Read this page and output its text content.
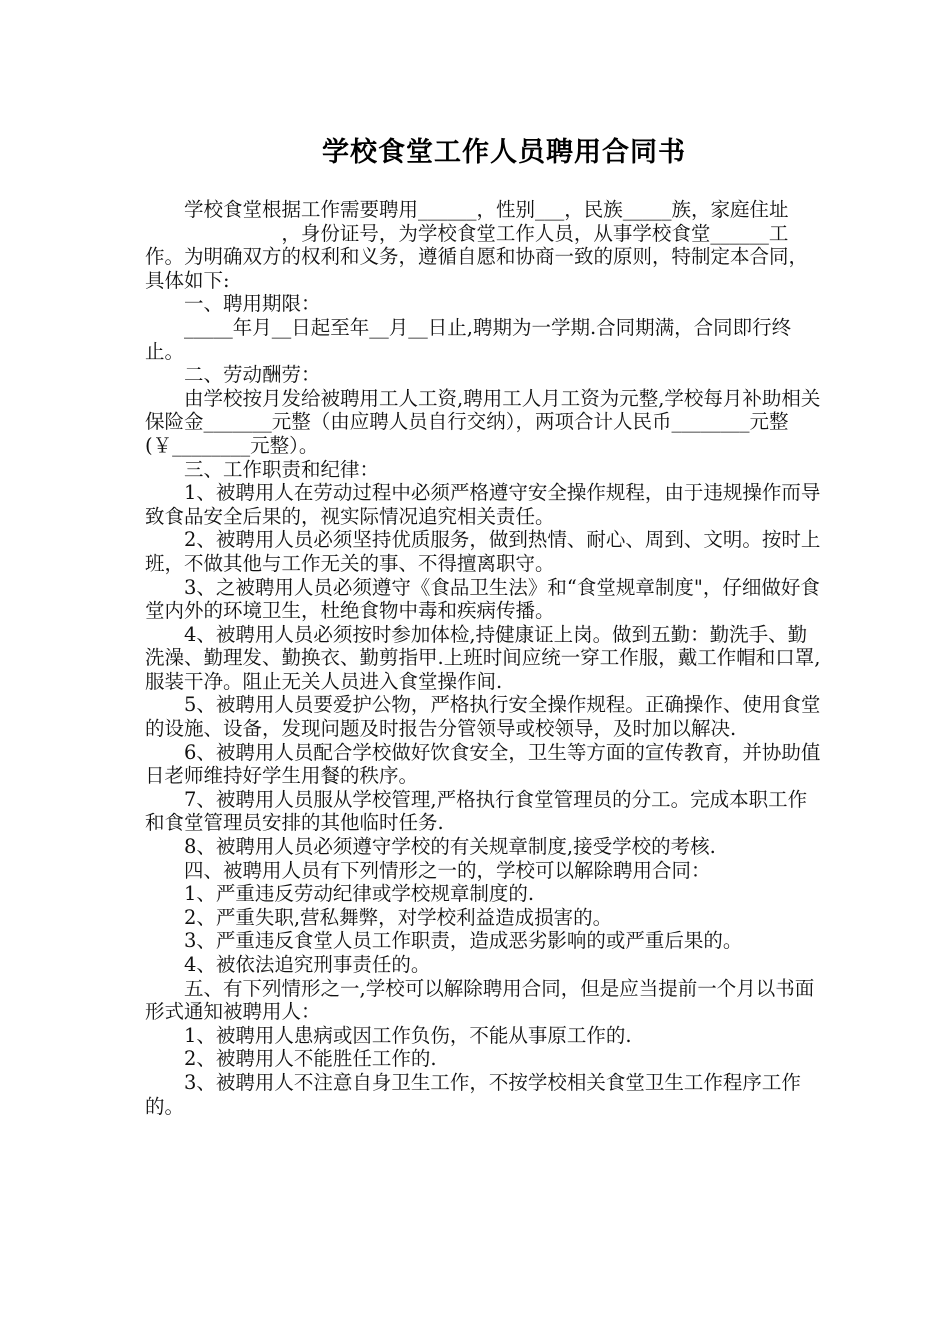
学校食堂工作人员聘用合同书

学校食堂根据工作需要聘用______，性别___，民族_____族，家庭住址

，身份证号，为学校食堂工作人员，从事学校食堂______工作。为明确双方的权利和义务，遵循自愿和协商一致的原则，特制定本合同，具体如下:

一、聘用期限：

_____年月__日起至年__月__日止,聘期为一学期.合同期满，合同即行终止。

二、劳动酬劳：

由学校按月发给被聘用工人工资,聘用工人月工资为元整,学校每月补助相关保险金_______元整（由应聘人员自行交纳），两项合计人民币________元整(￥________元整）。

三、工作职责和纪律：

1、被聘用人在劳动过程中必须严格遵守安全操作规程，由于违规操作而导致食品安全后果的，视实际情况追究相关责任。

2、被聘用人员必须坚持优质服务，做到热情、耐心、周到、文明。按时上班，不做其他与工作无关的事、不得擅离职守。

3、之被聘用人员必须遵守《食品卫生法》和“食堂规章制度"，仔细做好食堂内外的环境卫生，杜绝食物中毒和疾病传播。

4、被聘用人员必须按时参加体检,持健康证上岗。做到五勤：勤洗手、勤洗澡、勤理发、勤换衣、勤剪指甲.上班时间应统一穿工作服，戴工作帽和口罩,服装干净。阻止无关人员进入食堂操作间.

5、被聘用人员要爱护公物，严格执行安全操作规程。正确操作、使用食堂的设施、设备，发现问题及时报告分管领导或校领导，及时加以解决.

6、被聘用人员配合学校做好饮食安全，卫生等方面的宣传教育，并协助值日老师维持好学生用餐的秩序。

7、被聘用人员服从学校管理,严格执行食堂管理员的分工。完成本职工作和食堂管理员安排的其他临时任务.

8、被聘用人员必须遵守学校的有关规章制度,接受学校的考核.

四、被聘用人员有下列情形之一的，学校可以解除聘用合同：

1、严重违反劳动纪律或学校规章制度的.

2、严重失职,营私舞弊，对学校利益造成损害的。

3、严重违反食堂人员工作职责，造成恶劣影响的或严重后果的。

4、被依法追究刑事责任的。

五、有下列情形之一,学校可以解除聘用合同，但是应当提前一个月以书面形式通知被聘用人：

1、被聘用人患病或因工作负伤，不能从事原工作的.

2、被聘用人不能胜任工作的.

3、被聘用人不注意自身卫生工作，不按学校相关食堂卫生工作程序工作的。
